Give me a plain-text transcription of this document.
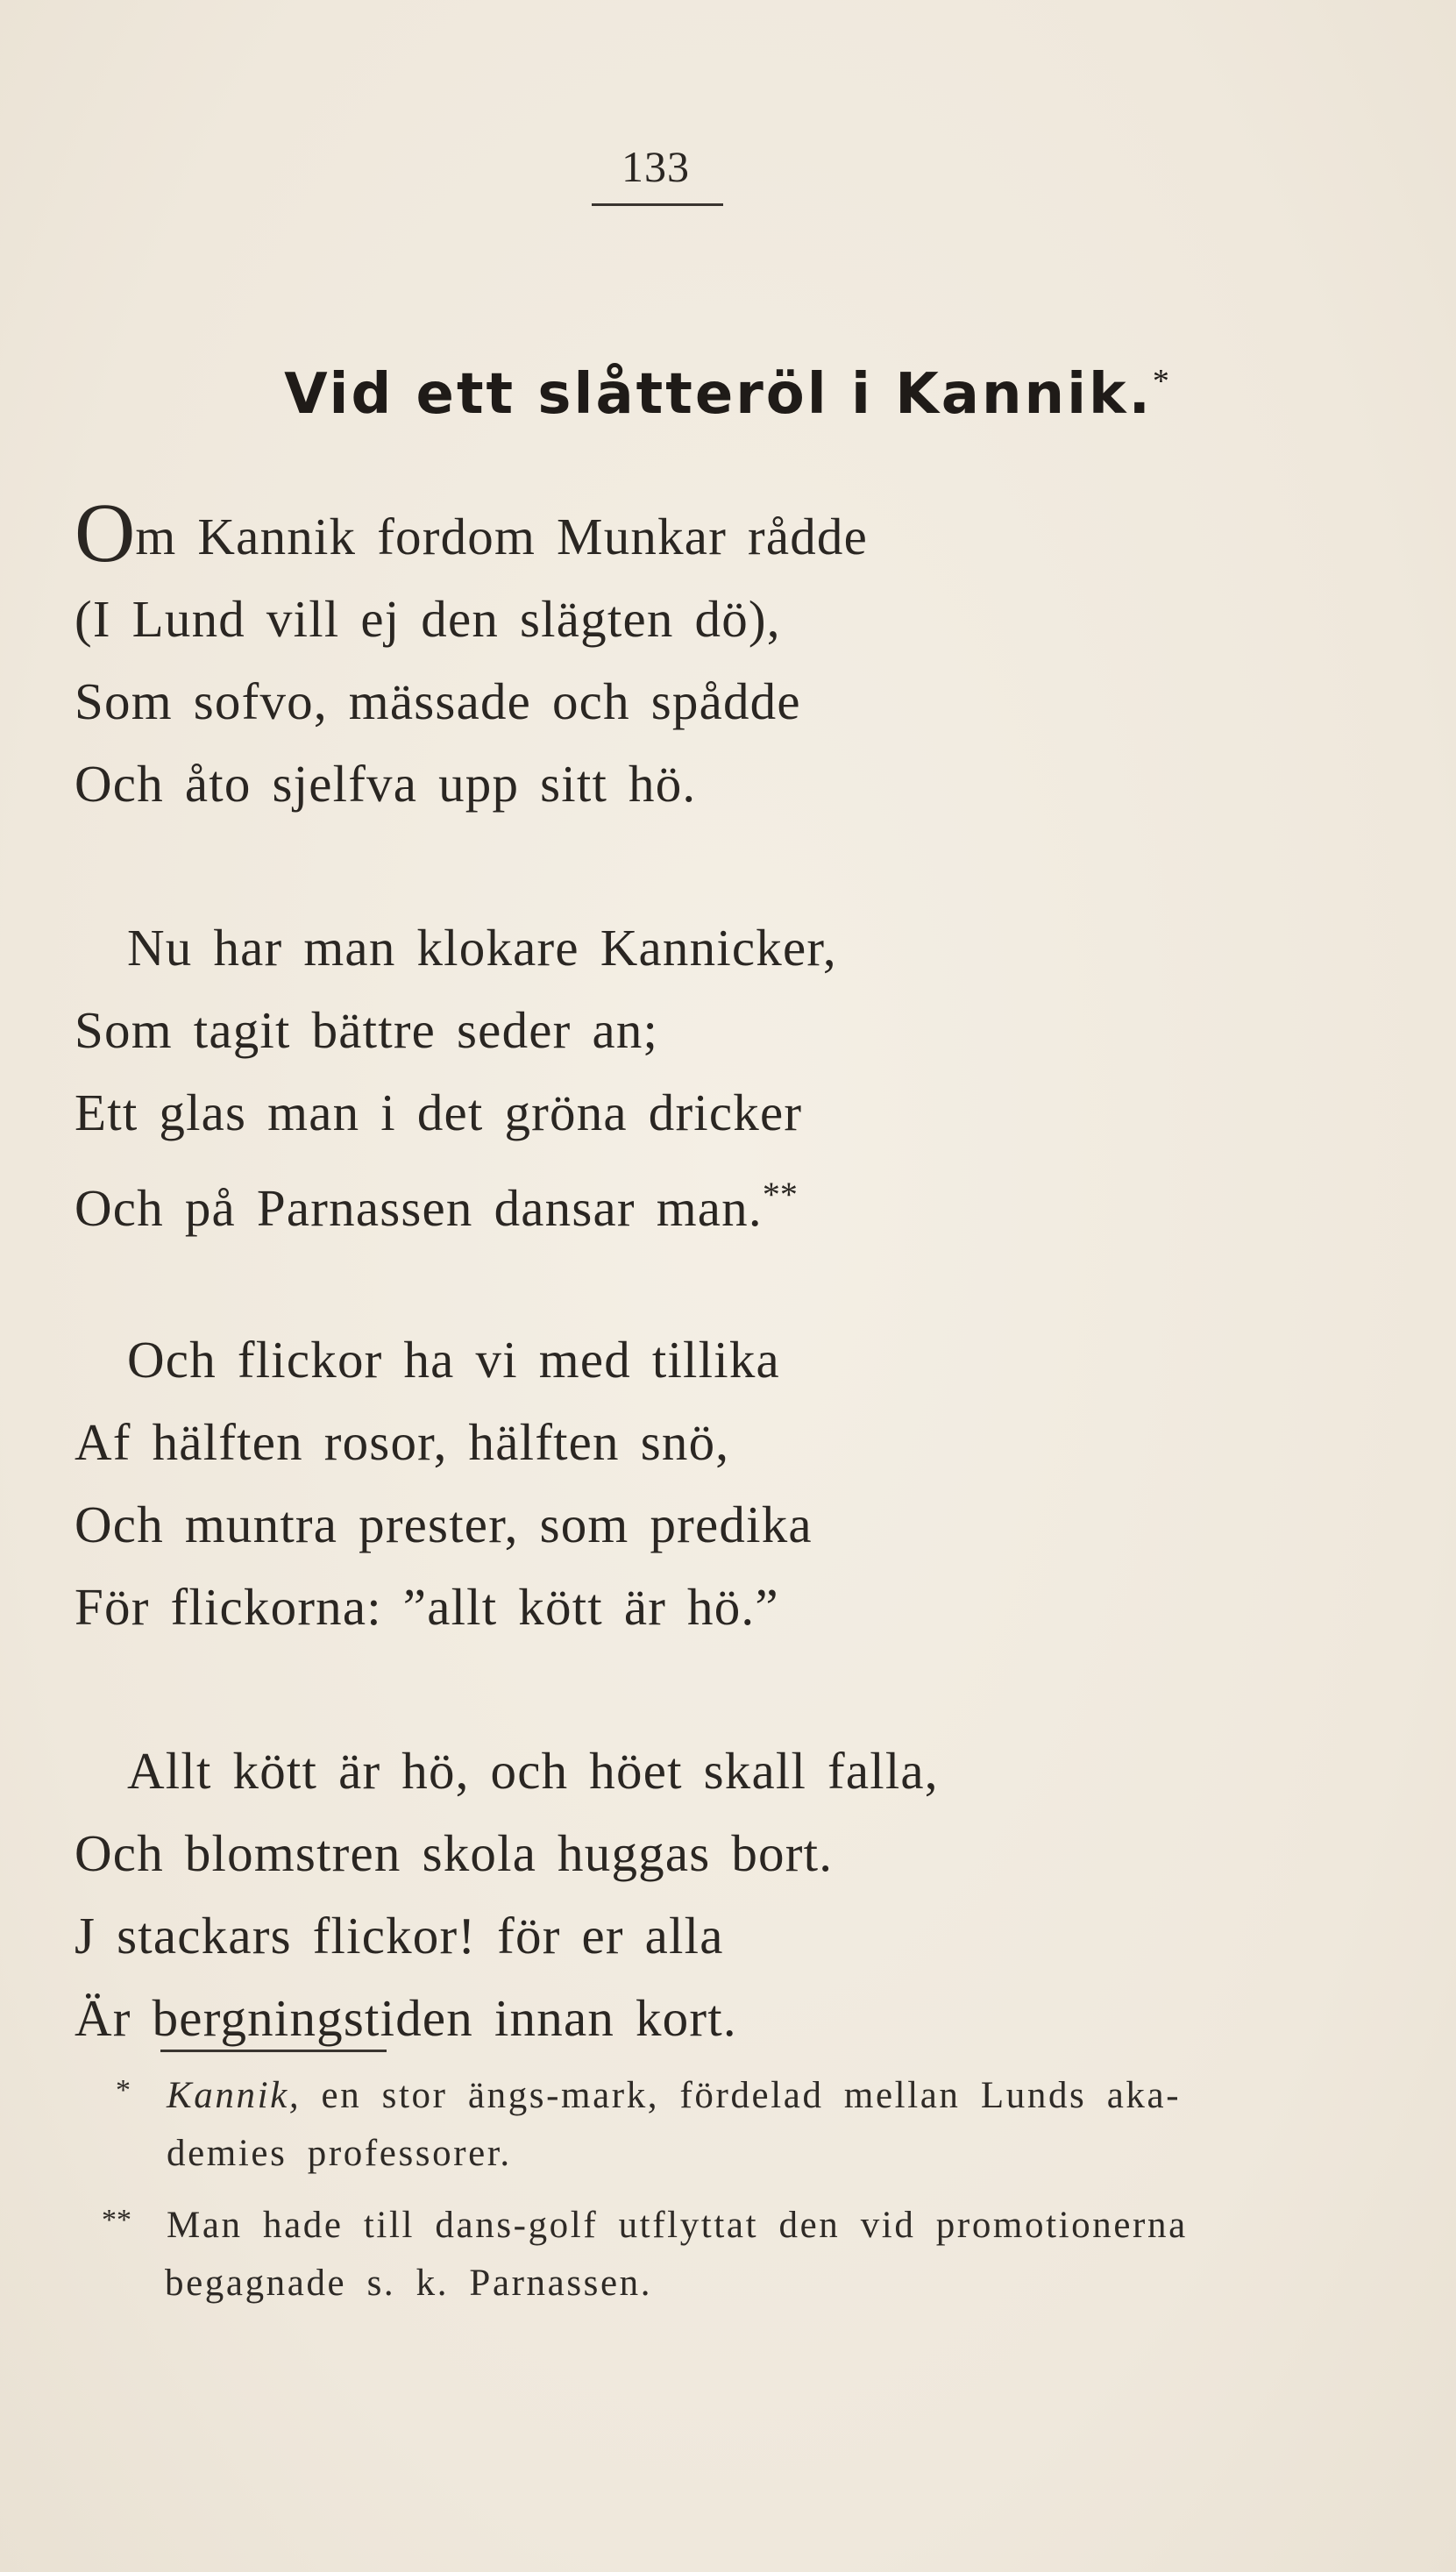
133
Vid ett slåtteröl i Kannik.*
Om Kannik fordom Munkar rådde
(I Lund vill ej den slägten dö),
Som sofvo, mässade och spådde
Och åto sjelfva upp sitt hö.
Nu har man klokare Kannicker,
Som tagit bättre seder an;
Ett glas man i det gröna dricker
Och på Parnassen dansar man.**
Och flickor ha vi med tillika
Af hälften rosor, hälften snö,
Och muntra prester, som predika
För flickorna: ”allt kött är hö.”
Allt kött är hö, och höet skall falla,
Och blomstren skola huggas bort.
J stackars flickor! för er alla
Är bergningstiden innan kort.
* Kannik, en stor ängs-mark, fördelad mellan Lunds aka-
demies professorer.
** Man hade till dans-golf utflyttat den vid promotionerna
begagnade s. k. Parnassen.
